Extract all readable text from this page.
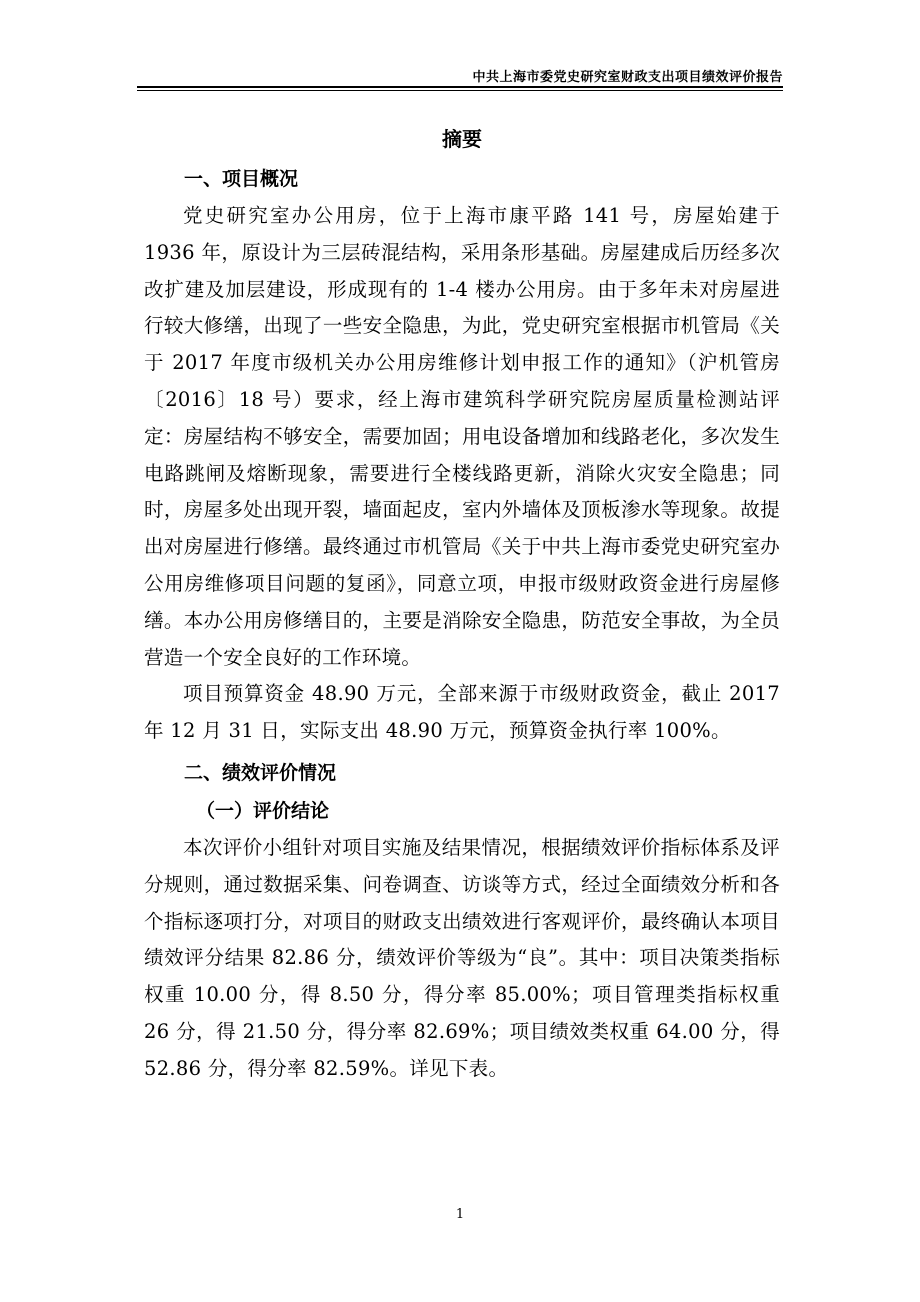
中共上海市委党史研究室财政支出项目绩效评价报告
摘要
一、项目概况

党史研究室办公用房，位于上海市康平路 141 号，房屋始建于 1936 年，原设计为三层砖混结构，采用条形基础。房屋建成后历经多次改扩建及加层建设，形成现有的 1-4 楼办公用房。由于多年未对房屋进行较大修缮，出现了一些安全隐患，为此，党史研究室根据市机管局《关于 2017 年度市级机关办公用房维修计划申报工作的通知》（沪机管房〔2016〕18 号）要求，经上海市建筑科学研究院房屋质量检测站评定：房屋结构不够安全，需要加固；用电设备增加和线路老化，多次发生电路跳闸及熔断现象，需要进行全楼线路更新，消除火灾安全隐患；同时，房屋多处出现开裂，墙面起皮，室内外墙体及顶板渗水等现象。故提出对房屋进行修缮。最终通过市机管局《关于中共上海市委党史研究室办公用房维修项目问题的复函》，同意立项，申报市级财政资金进行房屋修缮。本办公用房修缮目的，主要是消除安全隐患，防范安全事故，为全员营造一个安全良好的工作环境。

项目预算资金 48.90 万元，全部来源于市级财政资金，截止 2017 年 12 月 31 日，实际支出 48.90 万元，预算资金执行率 100%。

二、绩效评价情况
（一）评价结论

本次评价小组针对项目实施及结果情况，根据绩效评价指标体系及评分规则，通过数据采集、问卷调查、访谈等方式，经过全面绩效分析和各个指标逐项打分，对项目的财政支出绩效进行客观评价，最终确认本项目绩效评分结果 82.86 分，绩效评价等级为“良”。其中：项目决策类指标权重 10.00 分，得 8.50 分，得分率 85.00%；项目管理类指标权重 26 分，得 21.50 分，得分率 82.69%；项目绩效类权重 64.00 分，得 52.86 分，得分率 82.59%。详见下表。

1
